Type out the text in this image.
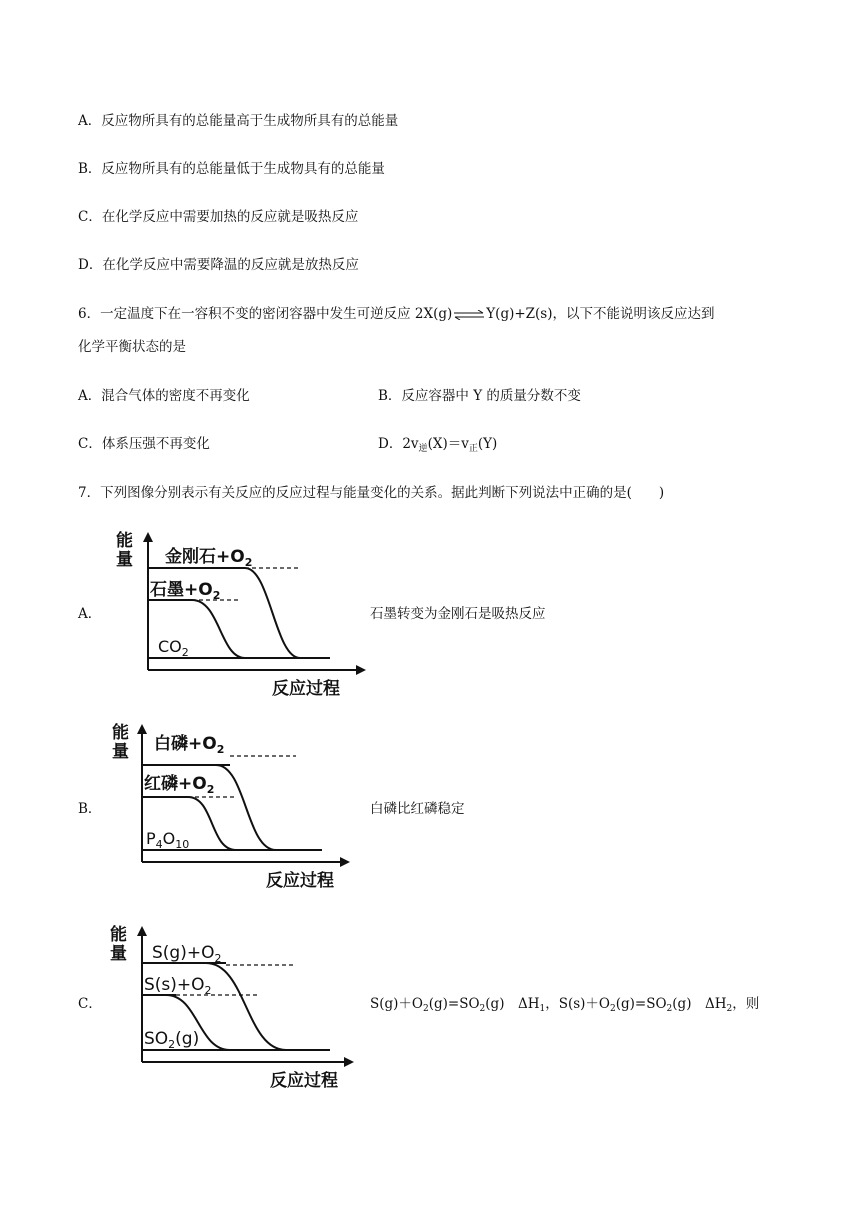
A．反应物所具有的总能量高于生成物所具有的总能量
B．反应物所具有的总能量低于生成物具有的总能量
C．在化学反应中需要加热的反应就是吸热反应
D．在化学反应中需要降温的反应就是放热反应
6．一定温度下在一容积不变的密闭容器中发生可逆反应 2X(g) ⇌ Y(g)+Z(s)，以下不能说明该反应达到
化学平衡状态的是
A．混合气体的密度不再变化	B．反应容器中 Y 的质量分数不变
C．体系压强不再变化	D．$2v_逆(X)=v_正(Y)$
7．下列图像分别表示有关反应的反应过程与能量变化的关系。据此判断下列说法中正确的是(　　)
A．
能
量 金刚石$+O_2$
石墨$+O_2$
$CO_2$
反应过程
石墨转变为金刚石是吸热反应
B．
能
量 白磷$+O_2$
红磷$+O_2$
$P_4O_{10}$
反应过程
白磷比红磷稳定
C．
能
量 $S(g)+O_2$
$S(s)+O_2$
$SO_2(g)$
反应过程
$S(g)+O_2(g)=SO_2(g)$　$\Delta H_1$，$S(s)+O_2(g)=SO_2(g)$　$\Delta H_2$，则
